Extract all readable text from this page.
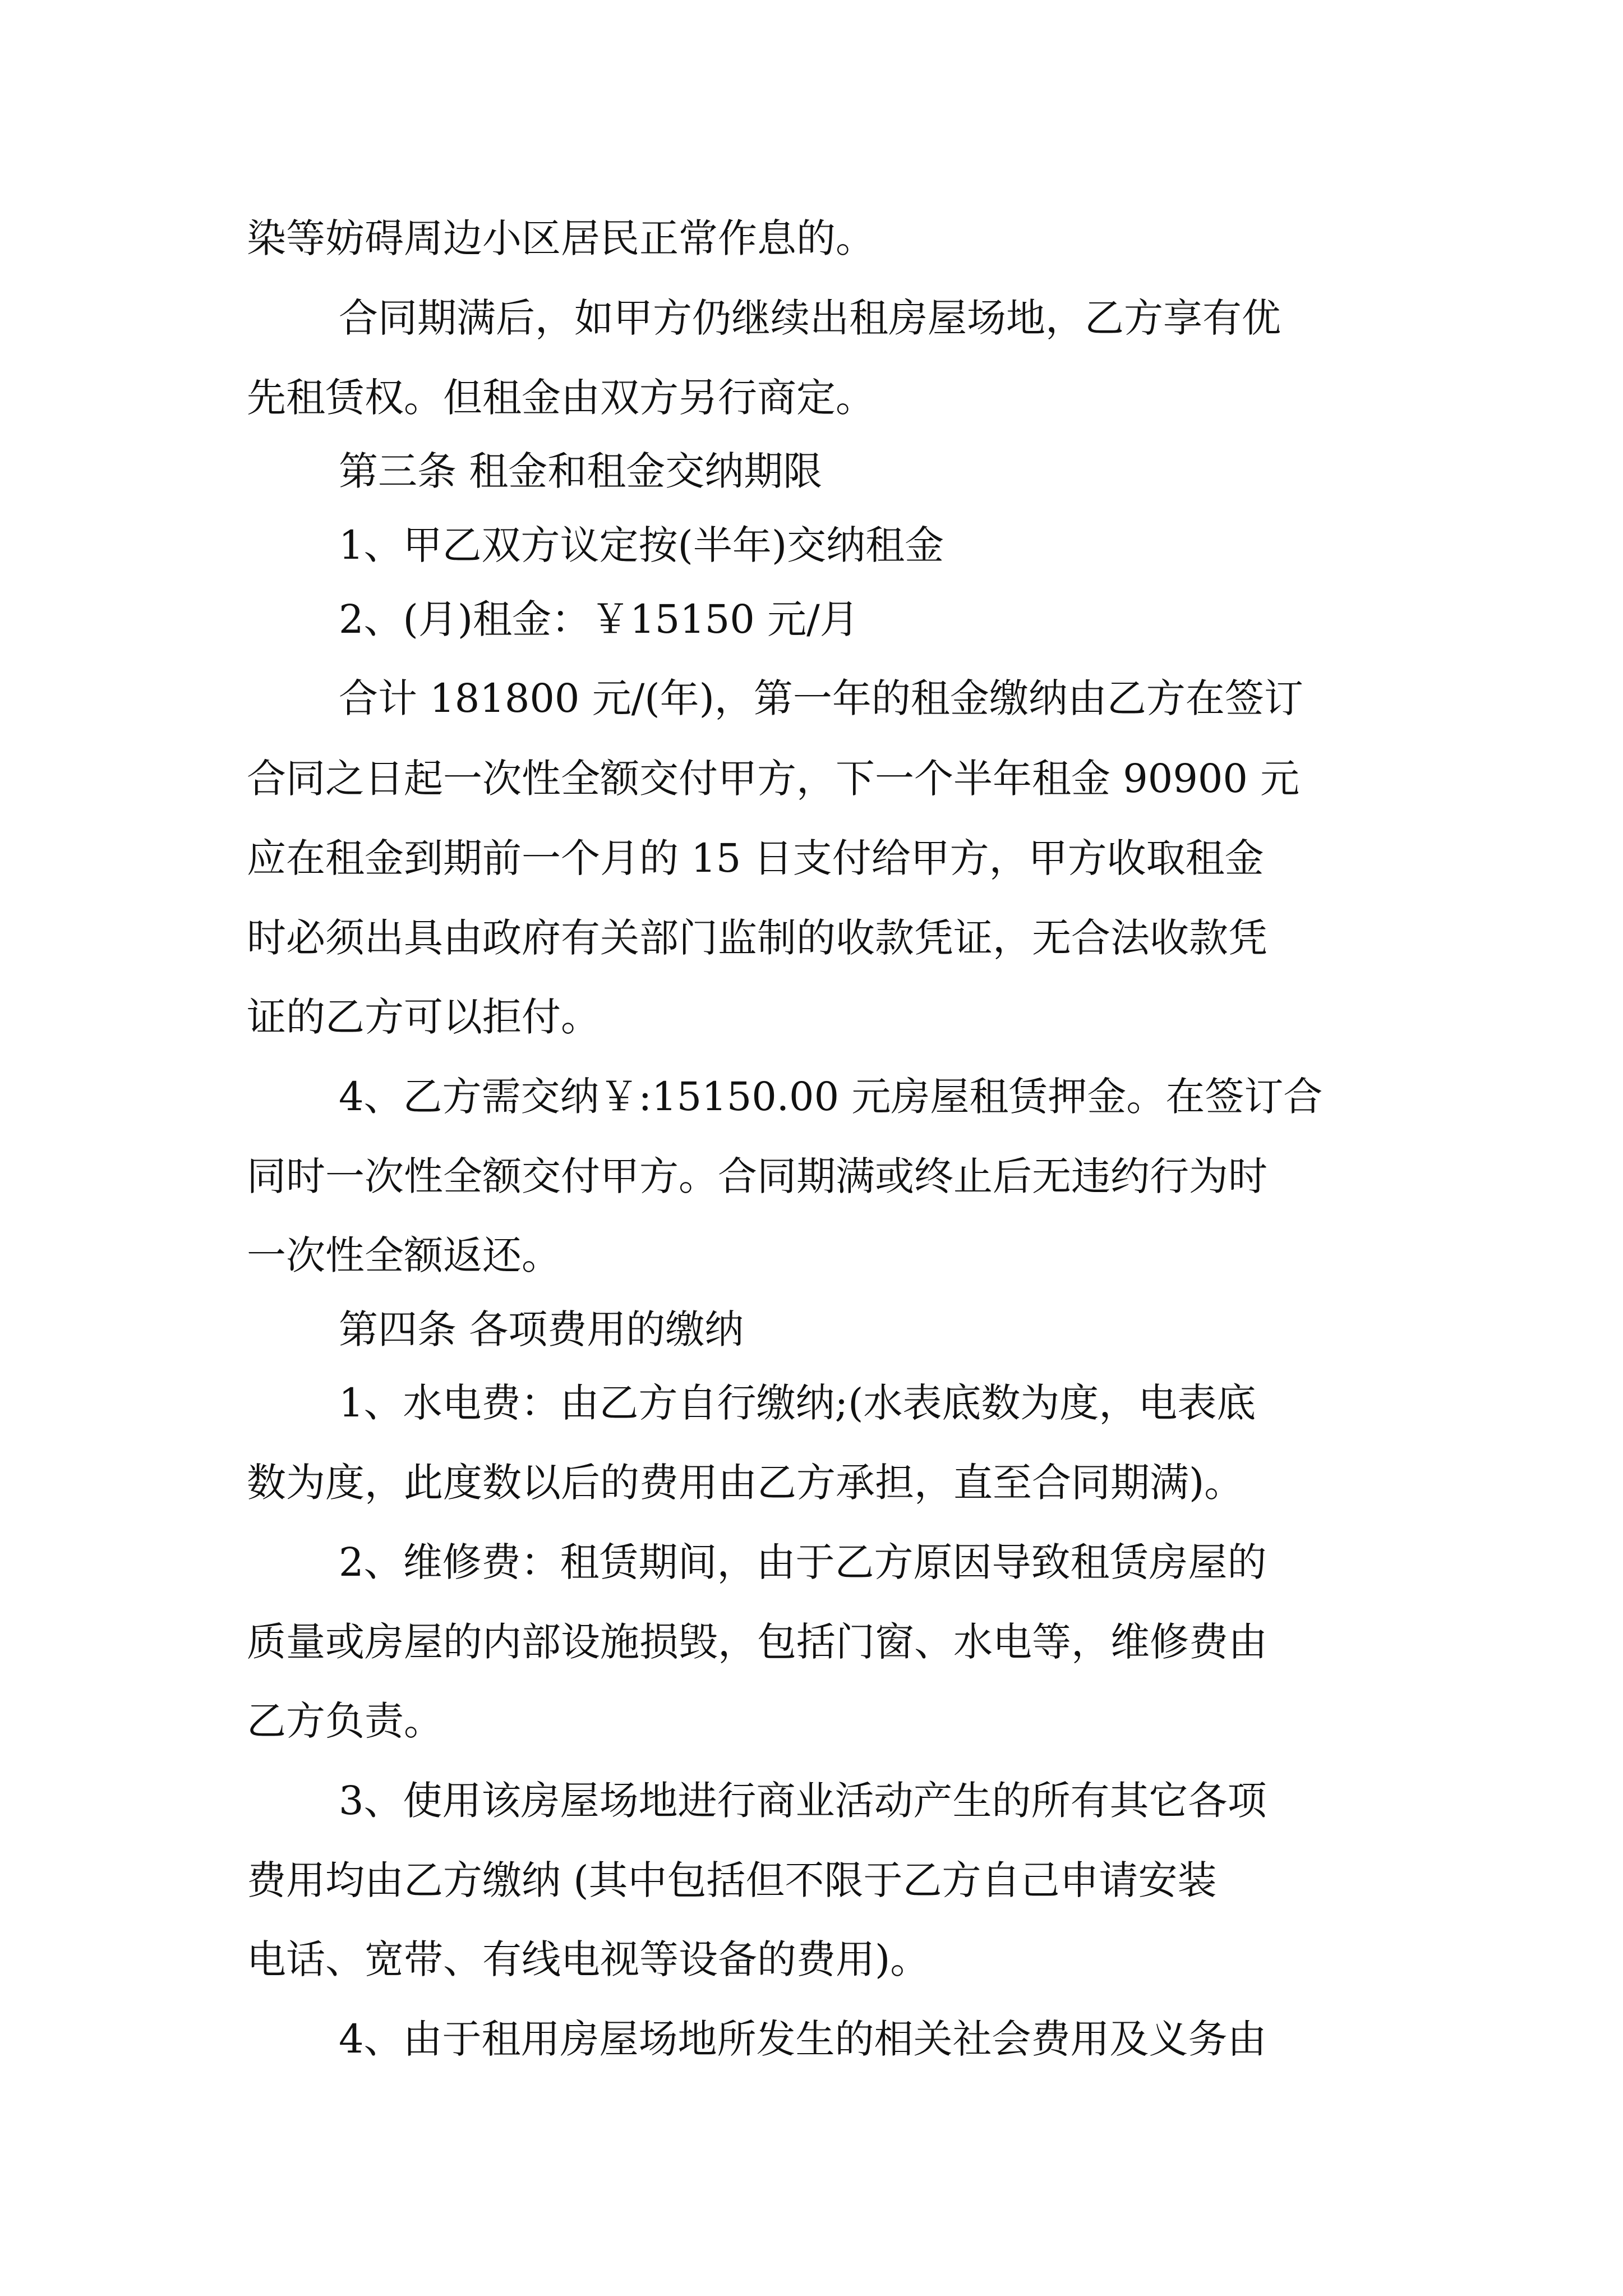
染等妨碍周边小区居民正常作息的。
合同期满后，如甲方仍继续出租房屋场地，乙方享有优
先租赁权。但租金由双方另行商定。
第三条 租金和租金交纳期限
1、甲乙双方议定按(半年)交纳租金
2、(月)租金：￥15150 元/月
合计 181800 元/(年)，第一年的租金缴纳由乙方在签订
合同之日起一次性全额交付甲方，下一个半年租金 90900 元
应在租金到期前一个月的 15 日支付给甲方，甲方收取租金
时必须出具由政府有关部门监制的收款凭证，无合法收款凭
证的乙方可以拒付。
4、乙方需交纳￥:15150.00 元房屋租赁押金。在签订合
同时一次性全额交付甲方。合同期满或终止后无违约行为时
一次性全额返还。
第四条 各项费用的缴纳
1、水电费：由乙方自行缴纳;(水表底数为度，电表底
数为度，此度数以后的费用由乙方承担，直至合同期满)。
2、维修费：租赁期间，由于乙方原因导致租赁房屋的
质量或房屋的内部设施损毁，包括门窗、水电等，维修费由
乙方负责。
3、使用该房屋场地进行商业活动产生的所有其它各项
费用均由乙方缴纳 (其中包括但不限于乙方自己申请安装
电话、宽带、有线电视等设备的费用)。
4、由于租用房屋场地所发生的相关社会费用及义务由
